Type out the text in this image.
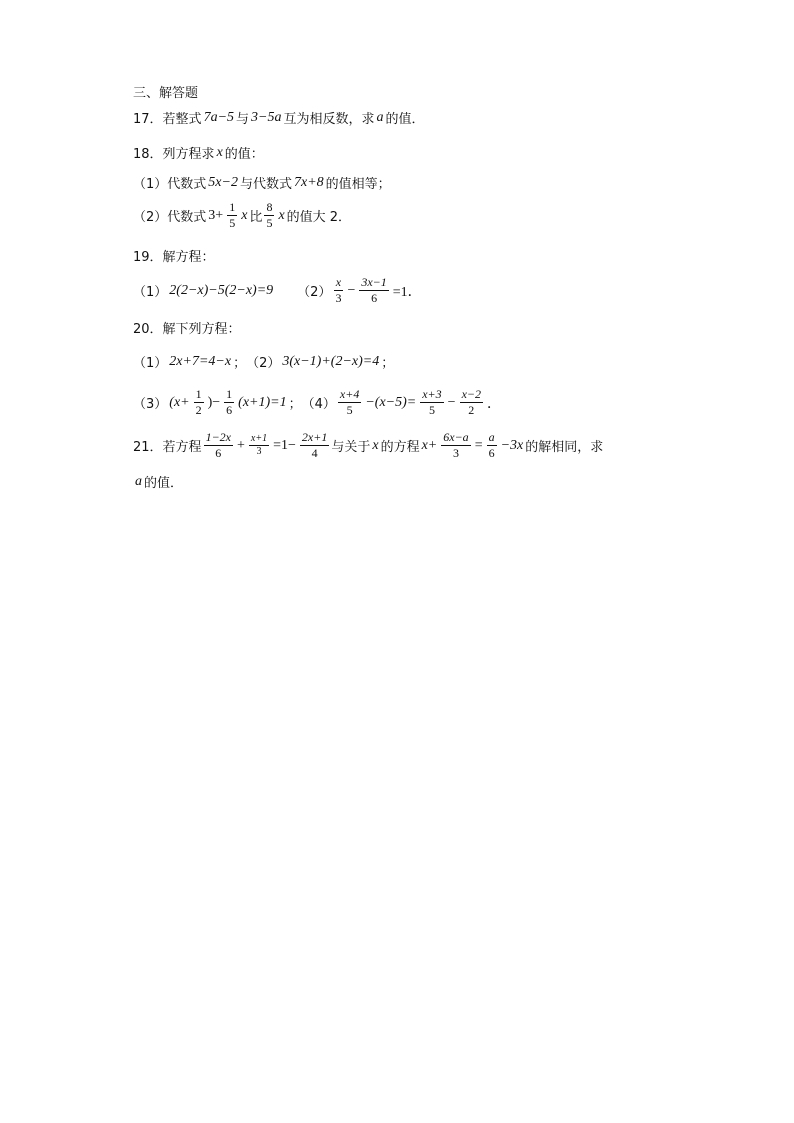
三、解答题
17． 若整式 7a−5 与 3−5a 互为相反数，求 a 的值．
18． 列方程求 x 的值：
（1） 代数式 5x−2 与代数式 7x+8 的值相等；
（2） 代数式 $3+ \frac{1}{5}$ x 比 $\frac{8}{5}$ x 的值大 2．
19． 解方程：
（1） 2(2−x)−5(2−x)=9 $(2) \frac{x}{3} - \frac{3x-1}{6} =1$．
20． 解下列方程：
（1） 2x+7=4−x ； （2） 3(x−1)+(2−x)=4 ；
（3） ($x+ \frac{1}{2}$ )− $\frac{1}{6} (x+1)=1$ ； $(4) \frac{x+4}{5} -(x-5)= \frac{x+3}{5} - \frac{x-2}{2}$ ．
21． 若方程 $\frac{1-2x}{6} + \frac{x+1}{3} =1- \frac{2x+1}{4}$ 与关于 x 的方程 $x+ \frac{6x-a}{3} = \frac{a}{6} -3x$ 的解相同，求
a 的值．
